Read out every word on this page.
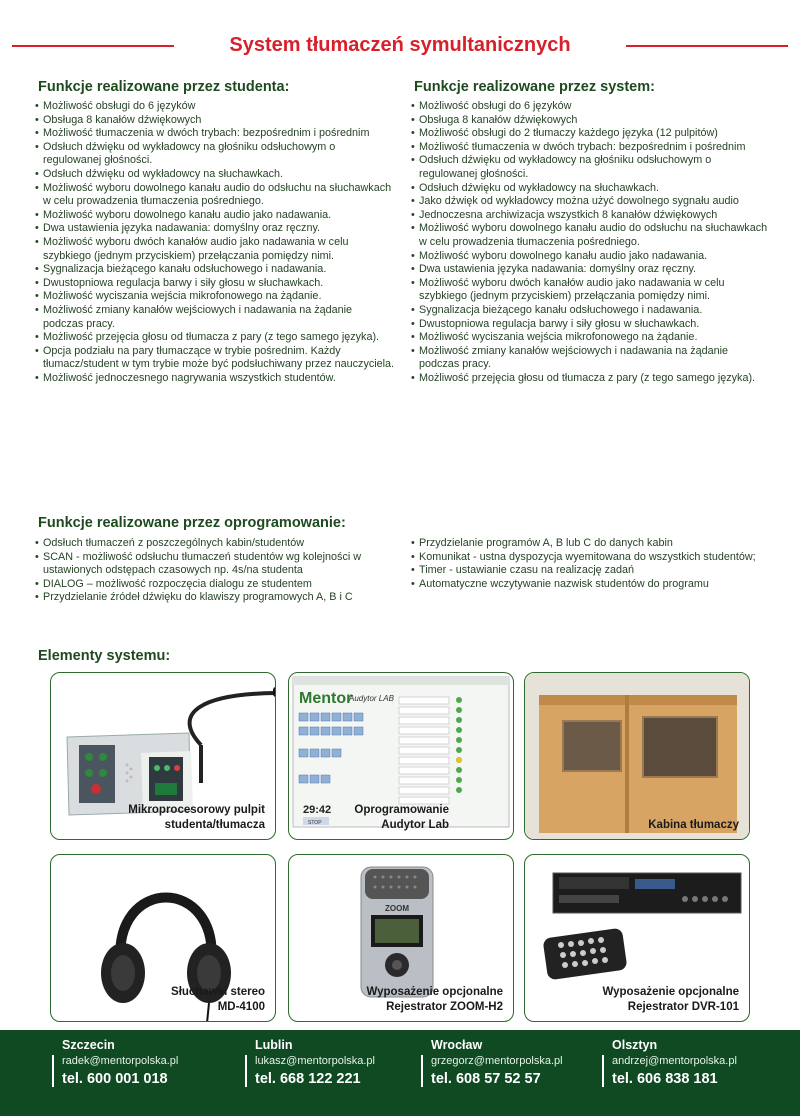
System tłumaczeń symultanicznych
Funkcje realizowane przez studenta:
• Możliwość obsługi do 6 języków
• Obsługa 8 kanałów dźwiękowych
• Możliwość tłumaczenia w dwóch trybach: bezpośrednim i pośrednim
• Odsłuch dźwięku od wykładowcy na głośniku odsłuchowym o regulowanej głośności.
• Odsłuch dźwięku od wykładowcy na słuchawkach.
• Możliwość wyboru dowolnego kanału audio do odsłuchu na słuchawkach w celu prowadzenia tłumaczenia pośredniego.
• Możliwość wyboru dowolnego kanału audio jako nadawania.
• Dwa ustawienia języka nadawania: domyślny oraz ręczny.
• Możliwość wyboru dwóch kanałów audio jako nadawania w celu szybkiego (jednym przyciskiem) przełączania pomiędzy nimi.
• Sygnalizacja bieżącego kanału odsłuchowego i nadawania.
• Dwustopniowa regulacja barwy i siły głosu w słuchawkach.
• Możliwość wyciszania wejścia mikrofonowego na żądanie.
• Możliwość zmiany kanałów wejściowych i nadawania na żądanie podczas pracy.
• Możliwość przejęcia głosu od tłumacza z pary (z tego samego języka).
• Opcja podziału na pary tłumaczące w trybie pośrednim. Każdy tłumacz/student w tym trybie może być podsłuchiwany przez nauczyciela.
• Możliwość jednoczesnego nagrywania wszystkich studentów.
Funkcje realizowane przez system:
• Możliwość obsługi do 6 języków
• Obsługa 8 kanałów dźwiękowych
• Możliwość obsługi do 2 tłumaczy każdego języka (12 pulpitów)
• Możliwość tłumaczenia w dwóch trybach: bezpośrednim i pośrednim
• Odsłuch dźwięku od wykładowcy na głośniku odsłuchowym o regulowanej głośności.
• Odsłuch dźwięku od wykładowcy na słuchawkach.
• Jako dźwięk od wykładowcy można użyć dowolnego sygnału audio
• Jednoczesna archiwizacja wszystkich 8 kanałów dźwiękowych
• Możliwość wyboru dowolnego kanału audio do odsłuchu na słuchawkach w celu prowadzenia tłumaczenia pośredniego.
• Możliwość wyboru dowolnego kanału audio jako nadawania.
• Dwa ustawienia języka nadawania: domyślny oraz ręczny.
• Możliwość wyboru dwóch kanałów audio jako nadawania w celu szybkiego (jednym przyciskiem) przełączania pomiędzy nimi.
• Sygnalizacja bieżącego kanału odsłuchowego i nadawania.
• Dwustopniowa regulacja barwy i siły głosu w słuchawkach.
• Możliwość wyciszania wejścia mikrofonowego na żądanie.
• Możliwość zmiany kanałów wejściowych i nadawania na żądanie podczas pracy.
• Możliwość przejęcia głosu od tłumacza z pary (z tego samego języka).
Funkcje realizowane przez oprogramowanie:
• Odsłuch tłumaczeń z poszczególnych kabin/studentów
• SCAN - możliwość odsłuchu tłumaczeń studentów wg kolejności w ustawionych odstępach czasowych np. 4s/na studenta
• DIALOG – możliwość rozpoczęcia dialogu ze studentem
• Przydzielanie źródeł dźwięku do klawiszy programowych A, B i C
• Przydzielanie programów A, B lub C do danych kabin
• Komunikat - ustna dyspozycja wyemitowana do wszystkich studentów;
• Timer - ustawianie czasu na realizację zadań
• Automatyczne wczytywanie nazwisk studentów do programu
Elementy systemu:
Mikroprocesorowy pulpit
studenta/tłumacza
Mentor
Audytor LAB
29:42
STOP
Oprogramowanie
Audytor Lab	Kabina tłumaczy
Słuchawki stereo
MD-4100
ZOOM
Wyposażenie opcjonalne
Rejestrator ZOOM-H2
Wyposażenie opcjonalne
Rejestrator DVR-101
Szczecin
radek@mentorpolska.pl
tel. 600 001 018
Lublin
lukasz@mentorpolska.pl
tel. 668 122 221
Wrocław
grzegorz@mentorpolska.pl
tel. 608 57 52 57
Olsztyn
andrzej@mentorpolska.pl
tel. 606 838 181
